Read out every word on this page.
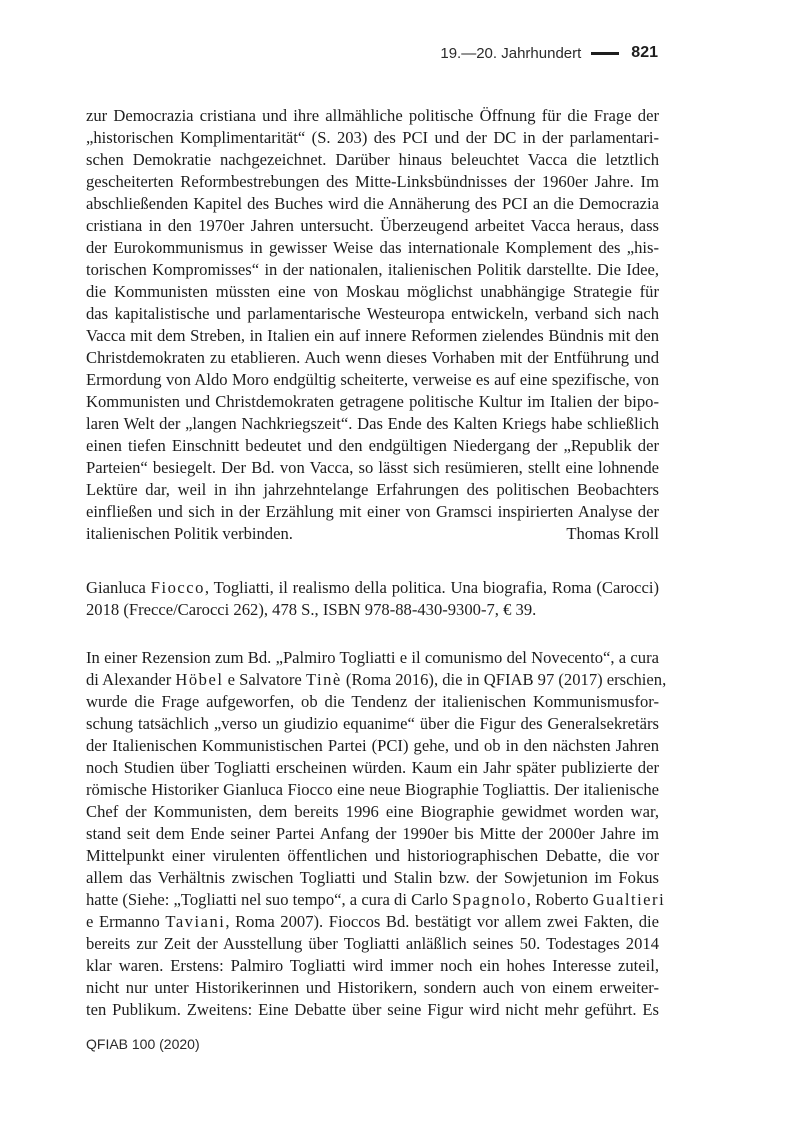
19.—20. Jahrhundert	821
zur Democrazia cristiana und ihre allmähliche politische Öffnung für die Frage der
„historischen Komplimentarität“ (S. 203) des PCI und der DC in der parlamentari-
schen Demokratie nachgezeichnet. Darüber hinaus beleuchtet Vacca die letztlich
gescheiterten Reformbestrebungen des Mitte-Linksbündnisses der 1960er Jahre. Im
abschließenden Kapitel des Buches wird die Annäherung des PCI an die Democrazia
cristiana in den 1970er Jahren untersucht. Überzeugend arbeitet Vacca heraus, dass
der Eurokommunismus in gewisser Weise das internationale Komplement des „his-
torischen Kompromisses“ in der nationalen, italienischen Politik darstellte. Die Idee,
die Kommunisten müssten eine von Moskau möglichst unabhängige Strategie für
das kapitalistische und parlamentarische Westeuropa entwickeln, verband sich nach
Vacca mit dem Streben, in Italien ein auf innere Reformen zielendes Bündnis mit den
Christdemokraten zu etablieren. Auch wenn dieses Vorhaben mit der Entführung und
Ermordung von Aldo Moro endgültig scheiterte, verweise es auf eine spezifische, von
Kommunisten und Christdemokraten getragene politische Kultur im Italien der bipo-
laren Welt der „langen Nachkriegszeit“. Das Ende des Kalten Kriegs habe schließlich
einen tiefen Einschnitt bedeutet und den endgültigen Niedergang der „Republik der
Parteien“ besiegelt. Der Bd. von Vacca, so lässt sich resümieren, stellt eine lohnende
Lektüre dar, weil in ihn jahrzehntelange Erfahrungen des politischen Beobachters
einfließen und sich in der Erzählung mit einer von Gramsci inspirierten Analyse der
italienischen Politik verbinden.	Thomas Kroll
Gianluca Fiocco, Togliatti, il realismo della politica. Una biografia, Roma (Carocci)
2018 (Frecce/Carocci 262), 478 S., ISBN 978-88-430-9300-7, € 39.
In einer Rezension zum Bd. „Palmiro Togliatti e il comunismo del Novecento“, a cura
di Alexander Höbel e Salvatore Tinè (Roma 2016), die in QFIAB 97 (2017) erschien,
wurde die Frage aufgeworfen, ob die Tendenz der italienischen Kommunismusfor-
schung tatsächlich „verso un giudizio equanime“ über die Figur des Generalsekretärs
der Italienischen Kommunistischen Partei (PCI) gehe, und ob in den nächsten Jahren
noch Studien über Togliatti erscheinen würden. Kaum ein Jahr später publizierte der
römische Historiker Gianluca Fiocco eine neue Biographie Togliattis. Der italienische
Chef der Kommunisten, dem bereits 1996 eine Biographie gewidmet worden war,
stand seit dem Ende seiner Partei Anfang der 1990er bis Mitte der 2000er Jahre im
Mittelpunkt einer virulenten öffentlichen und historiographischen Debatte, die vor
allem das Verhältnis zwischen Togliatti und Stalin bzw. der Sowjetunion im Fokus
hatte (Siehe: „Togliatti nel suo tempo“, a cura di Carlo Spagnolo, Roberto Gualtieri
e Ermanno Taviani, Roma 2007). Fioccos Bd. bestätigt vor allem zwei Fakten, die
bereits zur Zeit der Ausstellung über Togliatti anläßlich seines 50. Todestages 2014
klar waren. Erstens: Palmiro Togliatti wird immer noch ein hohes Interesse zuteil,
nicht nur unter Historikerinnen und Historikern, sondern auch von einem erweiter-
ten Publikum. Zweitens: Eine Debatte über seine Figur wird nicht mehr geführt. Es
QFIAB 100 (2020)
